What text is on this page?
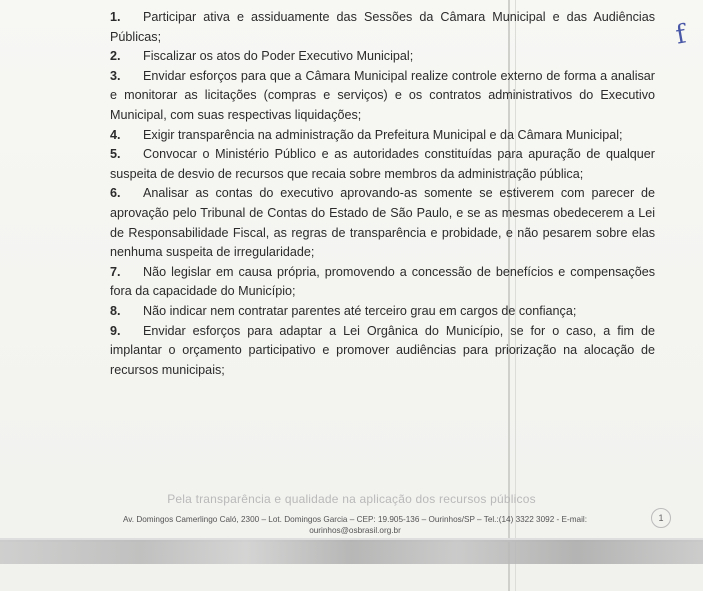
1. Participar ativa e assiduamente das Sessões da Câmara Municipal e das Audiências Públicas;
2. Fiscalizar os atos do Poder Executivo Municipal;
3. Envidar esforços para que a Câmara Municipal realize controle externo de forma a analisar e monitorar as licitações (compras e serviços) e os contratos administrativos do Executivo Municipal, com suas respectivas liquidações;
4. Exigir transparência na administração da Prefeitura Municipal e da Câmara Municipal;
5. Convocar o Ministério Público e as autoridades constituídas para apuração de qualquer suspeita de desvio de recursos que recaia sobre membros da administração pública;
6. Analisar as contas do executivo aprovando-as somente se estiverem com parecer de aprovação pelo Tribunal de Contas do Estado de São Paulo, e se as mesmas obedecerem a Lei de Responsabilidade Fiscal, as regras de transparência e probidade, e não pesarem sobre elas nenhuma suspeita de irregularidade;
7. Não legislar em causa própria, promovendo a concessão de benefícios e compensações fora da capacidade do Município;
8. Não indicar nem contratar parentes até terceiro grau em cargos de confiança;
9. Envidar esforços para adaptar a Lei Orgânica do Município, se for o caso, a fim de implantar o orçamento participativo e promover audiências para priorização na alocação de recursos municipais;
f
Pela transparência e qualidade na aplicação dos recursos públicos
Av. Domingos Camerlingo Caló, 2300 – Lot. Domingos Garcia – CEP: 19.905-136 – Ourinhos/SP – Tel.:(14) 3322 3092 - E-mail: ourinhos@osbrasil.org.br
1
